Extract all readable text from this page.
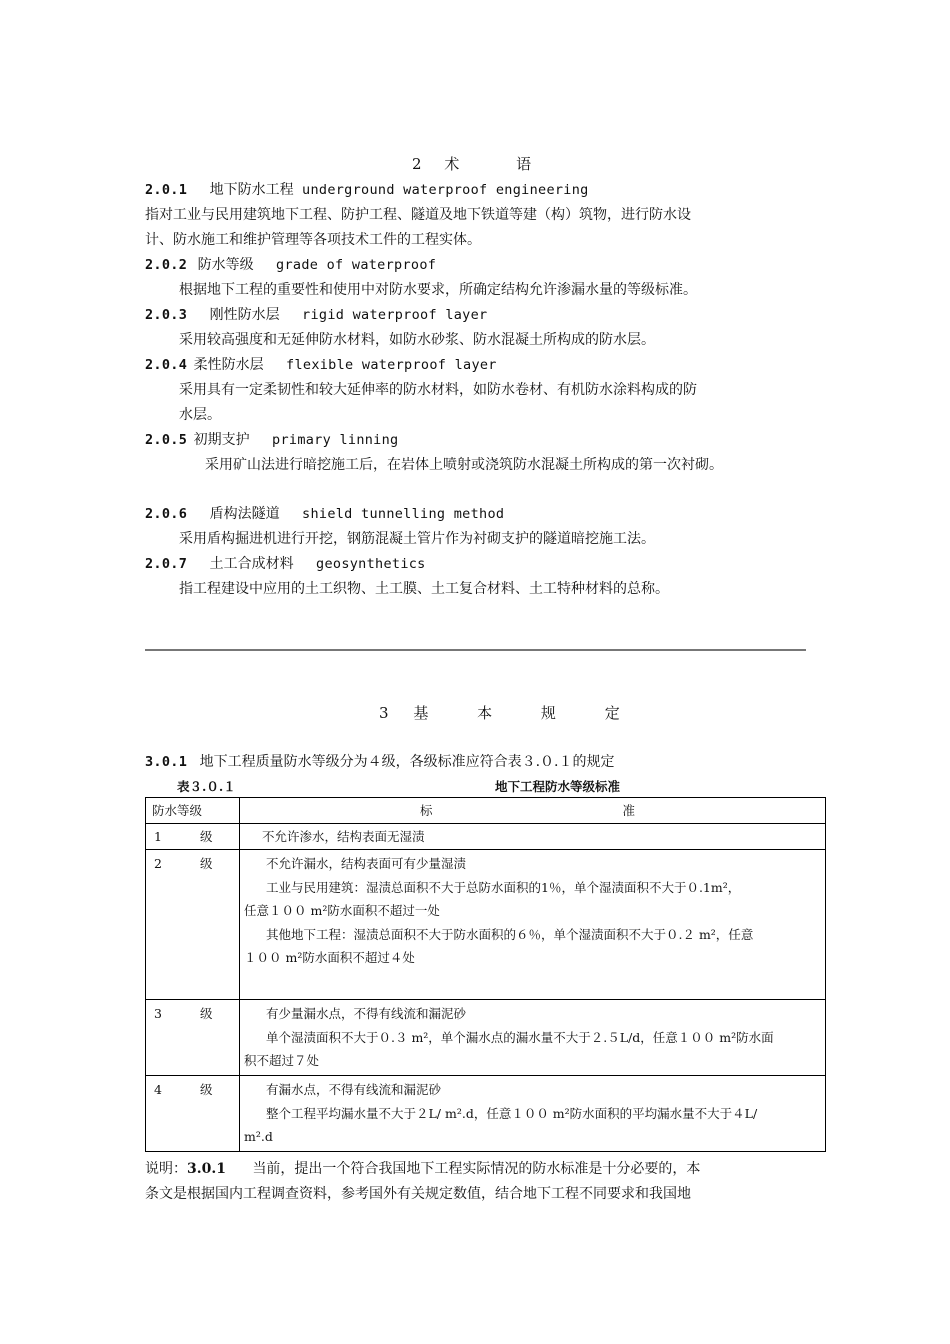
2 术	语
2.0.1 地下防水工程 underground waterproof engineering
指对工业与民用建筑地下工程、防护工程、隧道及地下铁道等建（构）筑物，进行防水设
计、防水施工和维护管理等各项技术工件的工程实体。
2.0.2 防水等级 grade of waterproof
根据地下工程的重要性和使用中对防水要求，所确定结构允许渗漏水量的等级标准。
2.0.3 刚性防水层 rigid waterproof layer
采用较高强度和无延伸防水材料，如防水砂浆、防水混凝土所构成的防水层。
2.0.4 柔性防水层 flexible waterproof layer
采用具有一定柔韧性和较大延伸率的防水材料，如防水卷材、有机防水涂料构成的防
水层。
2.0.5 初期支护 primary linning
采用矿山法进行暗挖施工后，在岩体上喷射或浇筑防水混凝土所构成的第一次衬砌。
2.0.6 盾构法隧道 shield tunnelling method
采用盾构掘进机进行开挖，钢筋混凝土管片作为衬砌支护的隧道暗挖施工法。
2.0.7 土工合成材料 geosynthetics
指工程建设中应用的土工织物、土工膜、土工复合材料、土工特种材料的总称。
3 基	本	规	定
3.0.1 地下工程质量防水等级分为４级，各级标准应符合表３.０.１的规定
表３.０.１	地下工程防水等级标准
防水等级	标 准
1 级	不允许渗水，结构表面无湿渍

2 级	不允许漏水，结构表面可有少量湿渍
工业与民用建筑：湿渍总面积不大于总防水面积的1％，单个湿渍面积不大于０.1m²，
任意１００ m²防水面积不超过一处
其他地下工程：湿渍总面积不大于防水面积的６％，单个湿渍面积不大于０.２ m²，任意
１００ m²防水面积不超过４处

3 级	有少量漏水点，不得有线流和漏泥砂
单个湿渍面积不大于０.３ m²，单个漏水点的漏水量不大于２.５L/d，任意１００ m²防水面
积不超过７处

4 级	有漏水点，不得有线流和漏泥砂
整个工程平均漏水量不大于２L/ m².d，任意１００ m²防水面积的平均漏水量不大于４L/
m².d
说明：3.0.1 当前，提出一个符合我国地下工程实际情况的防水标准是十分必要的，本
条文是根据国内工程调查资料，参考国外有关规定数值，结合地下工程不同要求和我国地
